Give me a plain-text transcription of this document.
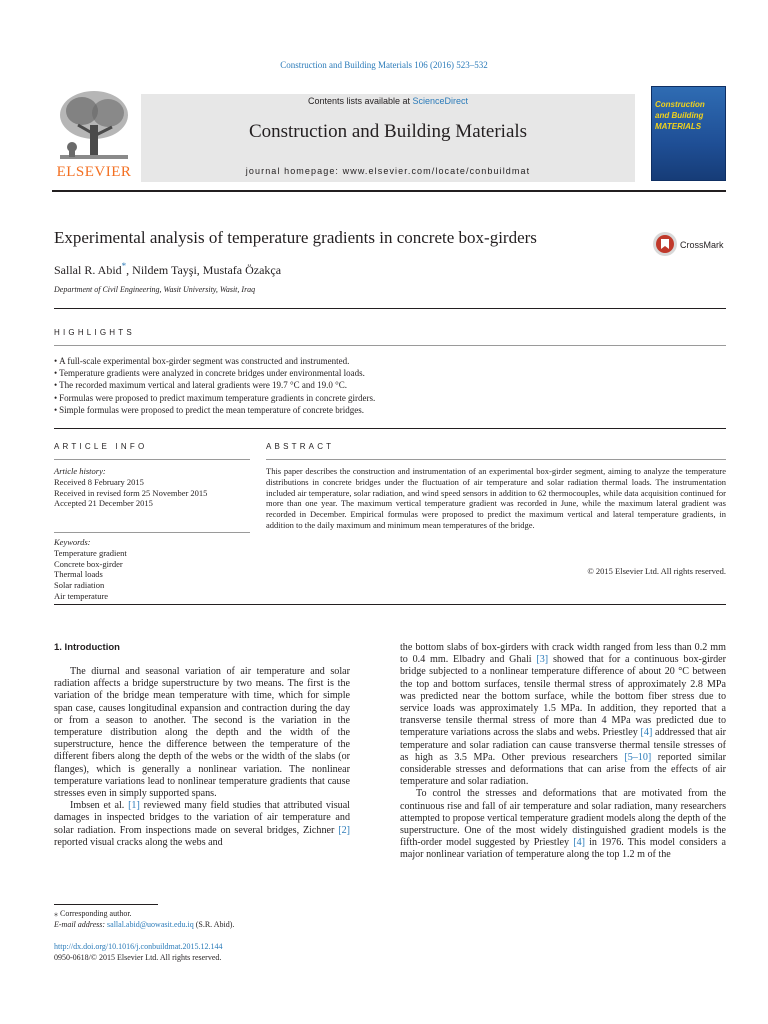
Construction and Building Materials 106 (2016) 523–532
ELSEVIER
Contents lists available at ScienceDirect
Construction and Building Materials
journal homepage: www.elsevier.com/locate/conbuildmat
Construction
and Building
MATERIALS
Experimental analysis of temperature gradients in concrete box-girders	CrossMark
Sallal R. Abid*, Nildem Tayşi, Mustafa Özakça
Department of Civil Engineering, Wasit University, Wasit, Iraq
HIGHLIGHTS
• A full-scale experimental box-girder segment was constructed and instrumented.
• Temperature gradients were analyzed in concrete bridges under environmental loads.
• The recorded maximum vertical and lateral gradients were 19.7 °C and 19.0 °C.
• Formulas were proposed to predict maximum temperature gradients in concrete girders.
• Simple formulas were proposed to predict the mean temperature of concrete bridges.
ARTICLE INFO	ABSTRACT
Article history:
Received 8 February 2015
Received in revised form 25 November 2015
Accepted 21 December 2015
Keywords:
Temperature gradient
Concrete box-girder
Thermal loads
Solar radiation
Air temperature
This paper describes the construction and instrumentation of an experimental box-girder segment, aiming to analyze the temperature distributions in concrete bridges under the fluctuation of air temperature and solar radiation thermal loads. The instrumentation included air temperature, solar radiation, and wind speed sensors in addition to 62 thermocouples, while data acquisition continued for more than one year. The maximum vertical temperature gradient was recorded in June, while the maximum lateral gradient was recorded in December. Empirical formulas were proposed to predict the maximum vertical and lateral temperature gradients, in addition to the daily maximum and minimum mean temperatures of the bridge.
© 2015 Elsevier Ltd. All rights reserved.
1. Introduction

The diurnal and seasonal variation of air temperature and solar radiation affects a bridge superstructure by two means. The first is the variation of the bridge mean temperature with time, which for simple span case, causes longitudinal expansion and contraction during the day or from a season to another. The second is the variation in the temperature distribution along the depth and the width of the superstructure, hence the difference between the temperature of the different fibers along the depth of the webs or the width of the slabs (or flanges), which is generally a nonlinear variation. The nonlinear temperature variations lead to nonlinear temperature gradients that cause stresses even in simply supported spans.

Imbsen et al. [1] reviewed many field studies that attributed visual damages in inspected bridges to the variation of air temperature and solar radiation. From inspections made on several bridges, Zichner [2] reported visual cracks along the webs and

the bottom slabs of box-girders with crack width ranged from less than 0.2 mm to 0.4 mm. Elbadry and Ghali [3] showed that for a continuous box-girder bridge subjected to a nonlinear temperature difference of about 20 °C between the top and bottom surfaces, tensile thermal stress of approximately 2.8 MPa was predicted near the bottom surface, while the bottom fiber stress due to service loads was approximately 1.5 MPa. In addition, they reported that a transverse tensile thermal stress of more than 4 MPa was predicted due to temperature variations across the slabs and webs. Priestley [4] addressed that air temperature and solar radiation can cause transverse thermal tensile stresses of as high as 3.5 MPa. Other previous researchers [5–10] reported similar considerable stresses and deformations that can arise from the effects of air temperature and solar radiation.

To control the stresses and deformations that are motivated from the continuous rise and fall of air temperature and solar radiation, many researchers attempted to propose vertical temperature gradient models along the depth of the superstructure. One of the most widely distinguished gradient models is the fifth-order model suggested by Priestley [4] in 1976. This model considers a major nonlinear variation of temperature along the top 1.2 m of the

⁎ Corresponding author.
E-mail address: sallal.abid@uowasit.edu.iq (S.R. Abid).
http://dx.doi.org/10.1016/j.conbuildmat.2015.12.144
0950-0618/© 2015 Elsevier Ltd. All rights reserved.
